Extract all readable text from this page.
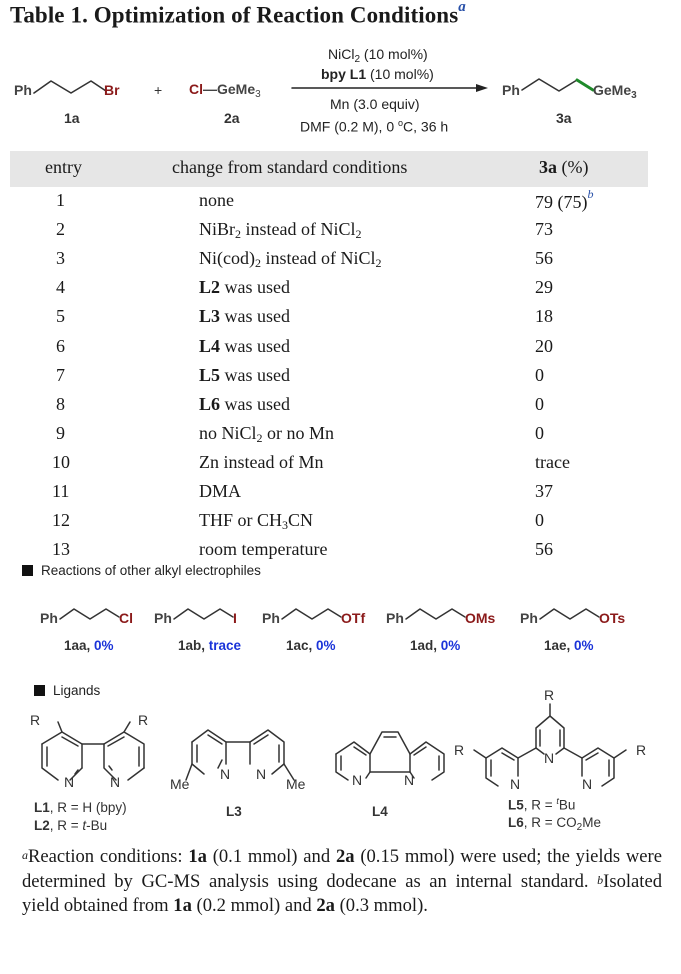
Table 1. Optimization of Reaction Conditions$^a$
Ph	Br
1a
+ Cl—GeMe$_3$
2a
NiCl$_2$ (10 mol%)
bpy L1 (10 mol%)
Mn (3.0 equiv)
DMF (0.2 M), 0 $^o$C, 36 h
Ph	GeMe$_3$
3a
entry	change from standard conditions	3a (%)
1	none	79 $(75)^b$
2	NiBr$_2$ instead of NiCl$_2$	73
3	$Ni(cod)_2$ instead of NiCl$_2$	56
4	L2 was used	29
5	L3 was used	18
6	L4 was used	20
7	L5 was used	0
8	L6 was used	0
9	no NiCl$_2$ or no Mn	0
10	Zn instead of Mn	trace
11	DMA	37
12	THF or $CH_3CN$	0
13	room temperature	56
Reactions of other alkyl electrophiles
Ph	Cl
1aa, 0%
Ph	I
1ab, trace
Ph	OTf
1ac, 0%
Ph	OMs
1ad, 0%
Ph	OTs
1ae, 0%
Ligands
R	R
N	N
L1, R = H (bpy)
L2, R = t-Bu
N N
Me	Me
L3
N	N
L4
R
R	R
N
N	N
L5, R = $^t$Bu
L6, $R = CO_2Me$
$^a$Reaction conditions: 1a (0.1 mmol) and 2a (0.15 mmol) were used; the yields were determined by GC-MS analysis using dodecane as an internal standard. $^b$Isolated yield obtained from 1a (0.2 mmol) and 2a (0.3 mmol).
